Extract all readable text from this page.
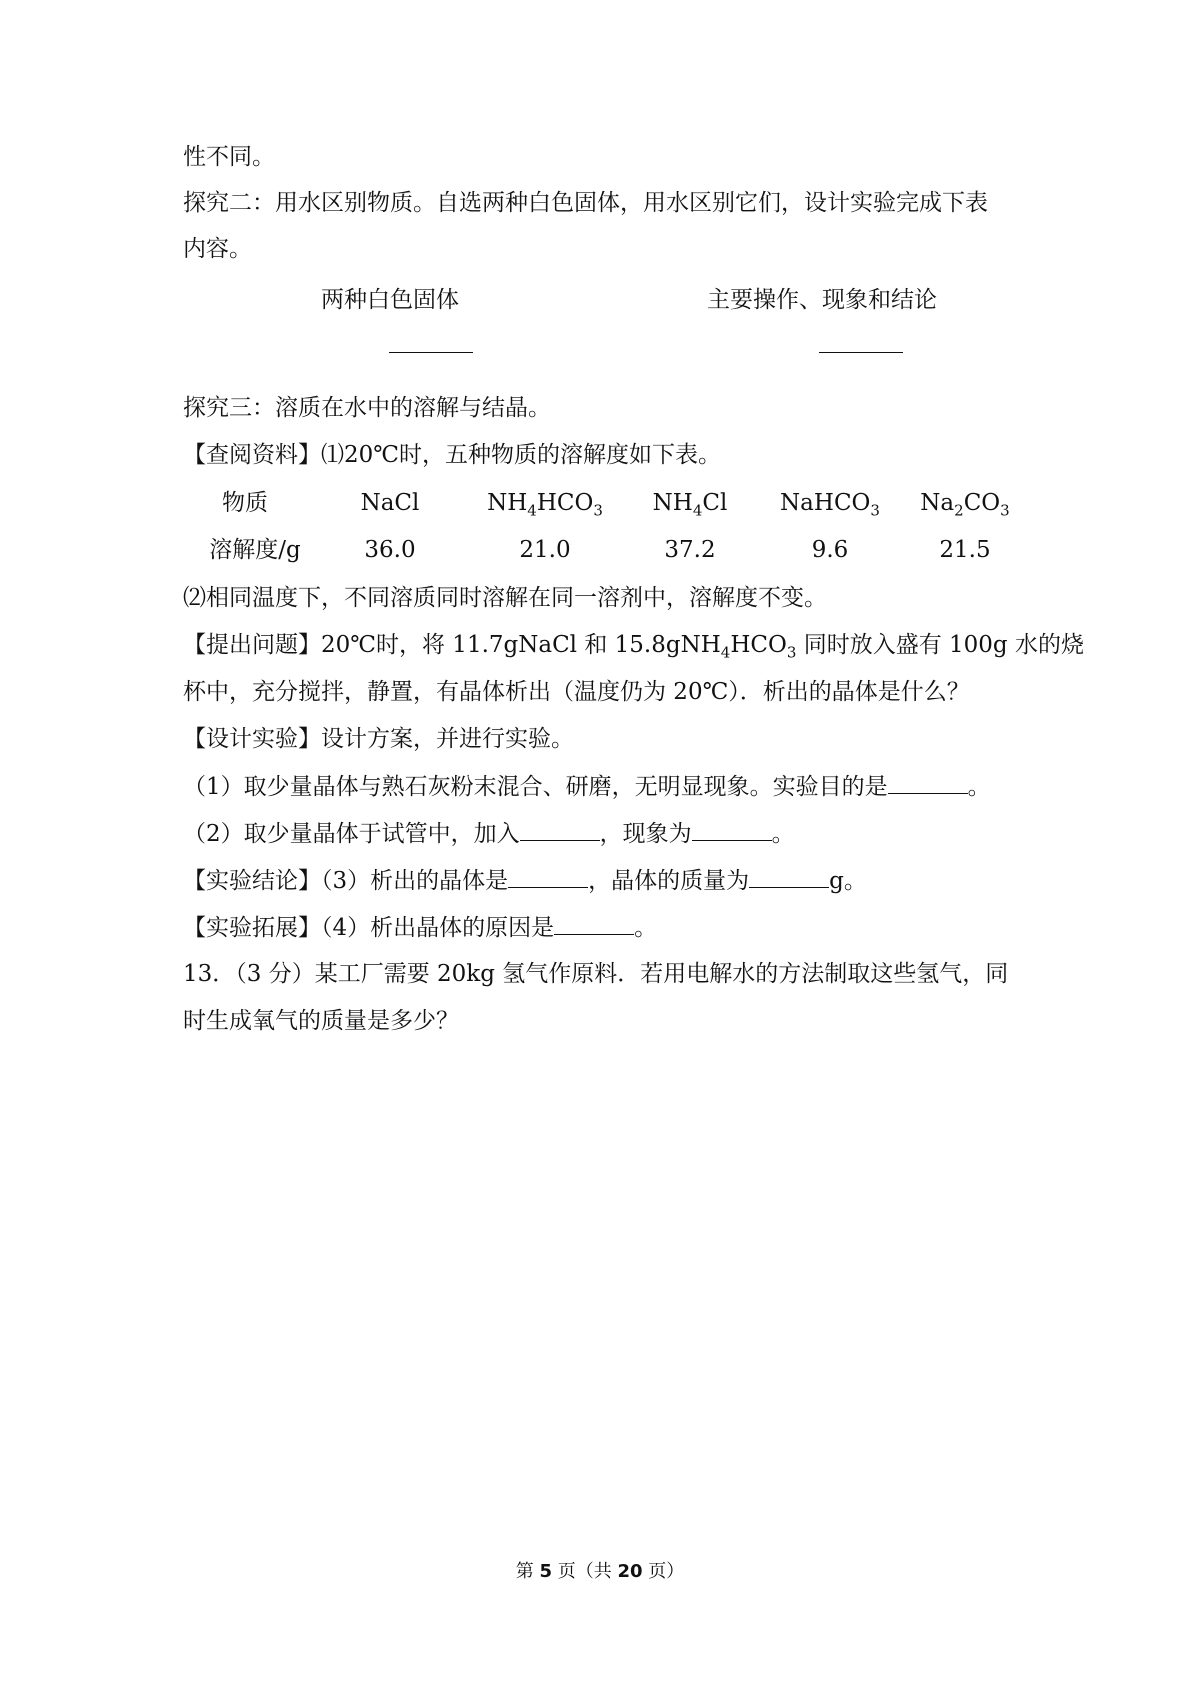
性不同。
探究二：用水区别物质。自选两种白色固体，用水区别它们，设计实验完成下表
内容。
两种白色固体	主要操作、现象和结论
探究三：溶质在水中的溶解与结晶。
【查阅资料】⑴20℃时，五种物质的溶解度如下表。
物质	NaCl	$NH_4HCO_3$	$NH_4Cl$	NaHCO$_3$	$Na_2CO_3$
溶解度/g	36.0	21.0	37.2	9.6	21.5
⑵相同温度下，不同溶质同时溶解在同一溶剂中，溶解度不变。
【提出问题】20℃时，将 11.7gNaCl 和 $15.8gNH_4HCO_3$ 同时放入盛有 100g 水的烧
杯中，充分搅拌，静置，有晶体析出（温度仍为 20℃）．析出的晶体是什么？
【设计实验】设计方案，并进行实验。
（1）取少量晶体与熟石灰粉末混合、研磨，无明显现象。实验目的是	。
（2）取少量晶体于试管中，加入	，现象为	。
【实验结论】（3）析出的晶体是	，晶体的质量为	g。
【实验拓展】（4）析出晶体的原因是	。
13．（3 分）某工厂需要 20kg 氢气作原料．若用电解水的方法制取这些氢气，同
时生成氧气的质量是多少？
第 5 页（共 20 页）
